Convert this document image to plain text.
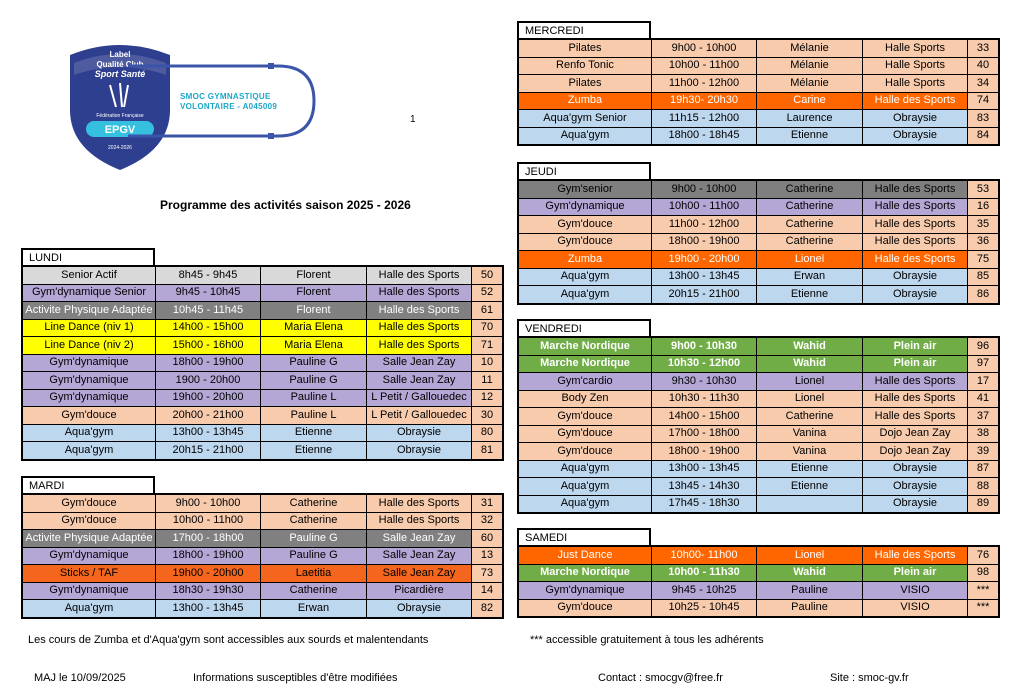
Label
Qualité Club
Sport Santé
Fédération Française
EPGV
2024-2026
SMOC GYMNASTIQUE
VOLONTAIRE - A045009
1
Programme des activités saison 2025 - 2026
Les cours de Zumba et d'Aqua'gym sont accessibles aux sourds et malentendants	*** accessible gratuitement à tous les adhérents
MAJ le 10/09/2025	Informations susceptibles d'être modifiées	Contact : smocgv@free.fr	Site : smoc-gv.fr
LUNDI
Senior Actif	8h45 - 9h45	Florent	Halle des Sports	50
Gym'dynamique Senior	9h45 - 10h45	Florent	Halle des Sports	52
Activite Physique Adaptée	10h45 - 11h45	Florent	Halle des Sports	61
Line Dance (niv 1)	14h00 - 15h00	Maria Elena	Halle des Sports	70
Line Dance (niv 2)	15h00 - 16h00	Maria Elena	Halle des Sports	71
Gym'dynamique	18h00 - 19h00	Pauline G	Salle Jean Zay	10
Gym'dynamique	1900 - 20h00	Pauline G	Salle Jean Zay	11
Gym'dynamique	19h00 - 20h00	Pauline L	L Petit / Gallouedec	12
Gym'douce	20h00 - 21h00	Pauline L	L Petit / Gallouedec	30
Aqua'gym	13h00 - 13h45	Etienne	Obraysie	80
Aqua'gym	20h15 - 21h00	Etienne	Obraysie	81
MARDI
Gym'douce	9h00 - 10h00	Catherine	Halle des Sports	31
Gym'douce	10h00 - 11h00	Catherine	Halle des Sports	32
Activite Physique Adaptée	17h00 - 18h00	Pauline G	Salle Jean Zay	60
Gym'dynamique	18h00 - 19h00	Pauline G	Salle Jean Zay	13
Sticks / TAF	19h00 - 20h00	Laetitia	Salle Jean Zay	73
Gym'dynamique	18h30 - 19h30	Catherine	Picardière	14
Aqua'gym	13h00 - 13h45	Erwan	Obraysie	82
MERCREDI
Pilates	9h00 - 10h00	Mélanie	Halle Sports	33
Renfo Tonic	10h00 - 11h00	Mélanie	Halle Sports	40
Pilates	11h00 - 12h00	Mélanie	Halle Sports	34
Zumba	19h30- 20h30	Carine	Halle des Sports	74
Aqua'gym Senior	11h15 - 12h00	Laurence	Obraysie	83
Aqua'gym	18h00 - 18h45	Etienne	Obraysie	84
JEUDI
Gym'senior	9h00 - 10h00	Catherine	Halle des Sports	53
Gym'dynamique	10h00 - 11h00	Catherine	Halle des Sports	16
Gym'douce	11h00 - 12h00	Catherine	Halle des Sports	35
Gym'douce	18h00 - 19h00	Catherine	Halle des Sports	36
Zumba	19h00 - 20h00	Lionel	Halle des Sports	75
Aqua'gym	13h00 - 13h45	Erwan	Obraysie	85
Aqua'gym	20h15 - 21h00	Etienne	Obraysie	86
VENDREDI
Marche Nordique	9h00 - 10h30	Wahid	Plein air	96
Marche Nordique	10h30 - 12h00	Wahid	Plein air	97
Gym'cardio	9h30 - 10h30	Lionel	Halle des Sports	17
Body Zen	10h30 - 11h30	Lionel	Halle des Sports	41
Gym'douce	14h00 - 15h00	Catherine	Halle des Sports	37
Gym'douce	17h00 - 18h00	Vanina	Dojo Jean Zay	38
Gym'douce	18h00 - 19h00	Vanina	Dojo Jean Zay	39
Aqua'gym	13h00 - 13h45	Etienne	Obraysie	87
Aqua'gym	13h45 - 14h30	Etienne	Obraysie	88
Aqua'gym	17h45 - 18h30		Obraysie	89
SAMEDI
Just Dance	10h00- 11h00	Lionel	Halle des Sports	76
Marche Nordique	10h00 - 11h30	Wahid	Plein air	98
Gym'dynamique	9h45 - 10h25	Pauline	VISIO	***
Gym'douce	10h25 - 10h45	Pauline	VISIO	***
